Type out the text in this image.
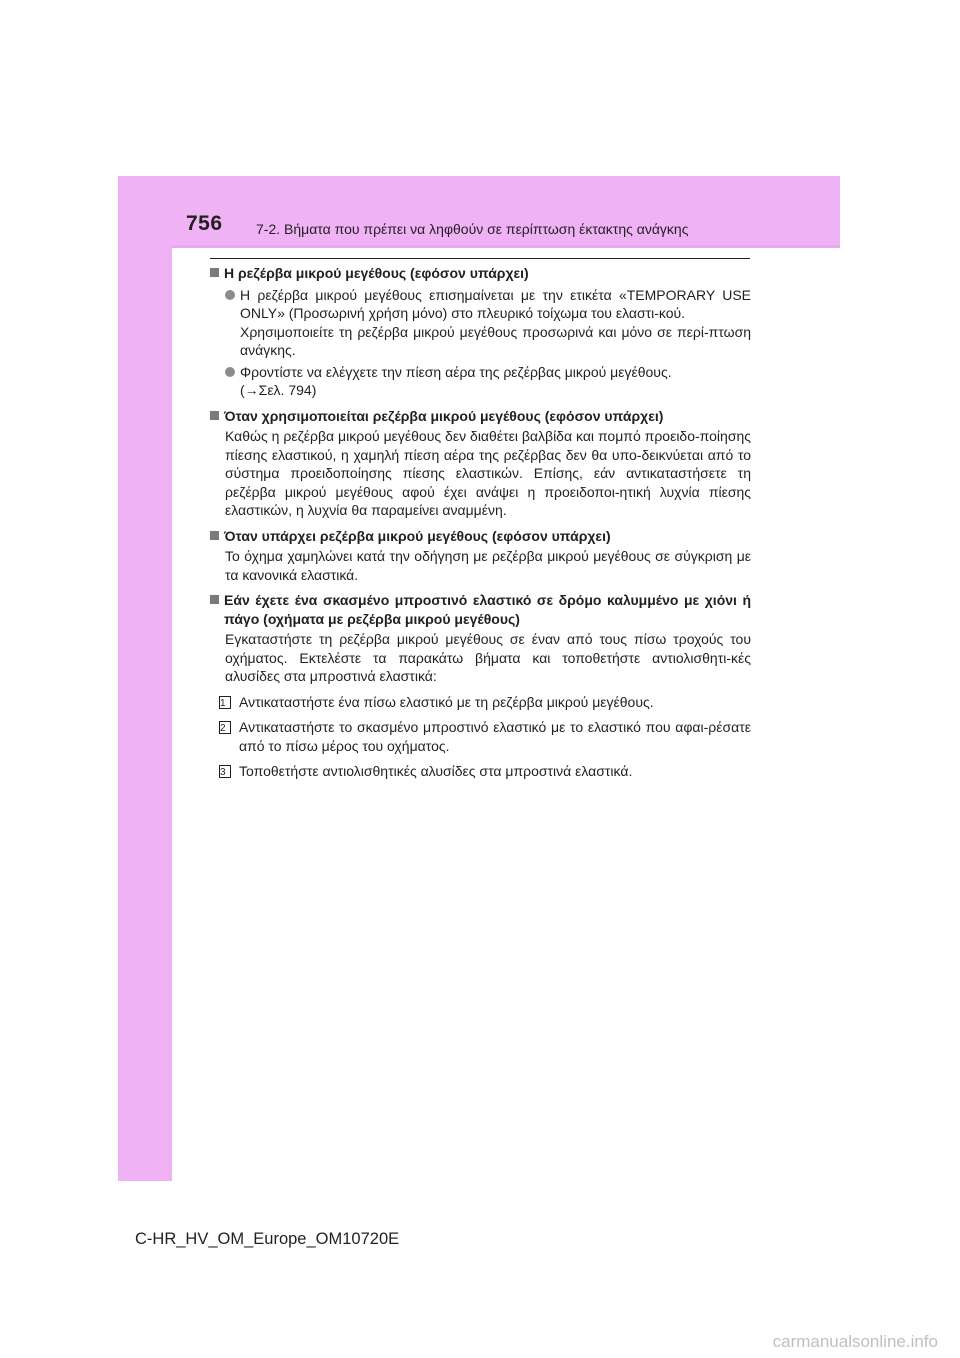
756 7-2. Βήματα που πρέπει να ληφθούν σε περίπτωση έκτακτης ανάγκης
Η ρεζέρβα μικρού μεγέθους (εφόσον υπάρχει)
Η ρεζέρβα μικρού μεγέθους επισημαίνεται με την ετικέτα «TEMPORARY USE ONLY» (Προσωρινή χρήση μόνο) στο πλευρικό τοίχωμα του ελαστι-κού.
Χρησιμοποιείτε τη ρεζέρβα μικρού μεγέθους προσωρινά και μόνο σε περί-πτωση ανάγκης.
Φροντίστε να ελέγχετε την πίεση αέρα της ρεζέρβας μικρού μεγέθους.
(→Σελ. 794)
Όταν χρησιμοποιείται ρεζέρβα μικρού μεγέθους (εφόσον υπάρχει)
Καθώς η ρεζέρβα μικρού μεγέθους δεν διαθέτει βαλβίδα και πομπό προειδο-ποίησης πίεσης ελαστικού, η χαμηλή πίεση αέρα της ρεζέρβας δεν θα υπο-δεικνύεται από το σύστημα προειδοποίησης πίεσης ελαστικών. Επίσης, εάν αντικαταστήσετε τη ρεζέρβα μικρού μεγέθους αφού έχει ανάψει η προειδοποι-ητική λυχνία πίεσης ελαστικών, η λυχνία θα παραμείνει αναμμένη.
Όταν υπάρχει ρεζέρβα μικρού μεγέθους (εφόσον υπάρχει)
Το όχημα χαμηλώνει κατά την οδήγηση με ρεζέρβα μικρού μεγέθους σε σύγκριση με τα κανονικά ελαστικά.
Εάν έχετε ένα σκασμένο μπροστινό ελαστικό σε δρόμο καλυμμένο με χιόνι ή πάγο (οχήματα με ρεζέρβα μικρού μεγέθους)
Εγκαταστήστε τη ρεζέρβα μικρού μεγέθους σε έναν από τους πίσω τροχούς του οχήματος. Εκτελέστε τα παρακάτω βήματα και τοποθετήστε αντιολισθητι-κές αλυσίδες στα μπροστινά ελαστικά:
1 Αντικαταστήστε ένα πίσω ελαστικό με τη ρεζέρβα μικρού μεγέθους.
2 Αντικαταστήστε το σκασμένο μπροστινό ελαστικό με το ελαστικό που αφαι-ρέσατε από το πίσω μέρος του οχήματος.
3 Τοποθετήστε αντιολισθητικές αλυσίδες στα μπροστινά ελαστικά.
C-HR_HV_OM_Europe_OM10720E
carmanualsonline.info
